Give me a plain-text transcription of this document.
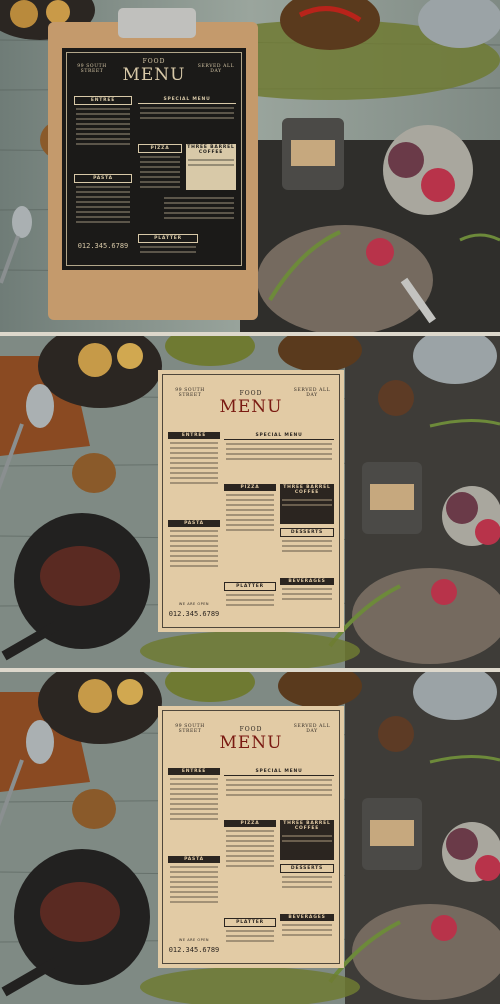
99 SOUTH STREET
FOOD
MENU	SERVED ALL DAY
ENTREE
PASTA
012.345.6789
SPECIAL MENU
PIZZA	THREE BARREL COFFEE
PLATTER
99 SOUTH STREET	FOOD
MENU
SERVED ALL DAY
ENTREE
PASTA
WE ARE OPEN
012.345.6789
SPECIAL MENU
PIZZA	THREE BARREL COFFEE
DESSERTS
PLATTER
BEVERAGES
99 SOUTH STREET	FOOD
MENU
SERVED ALL DAY
ENTREE
PASTA
WE ARE OPEN
012.345.6789
SPECIAL MENU
PIZZA	THREE BARREL COFFEE
DESSERTS
PLATTER
BEVERAGES
